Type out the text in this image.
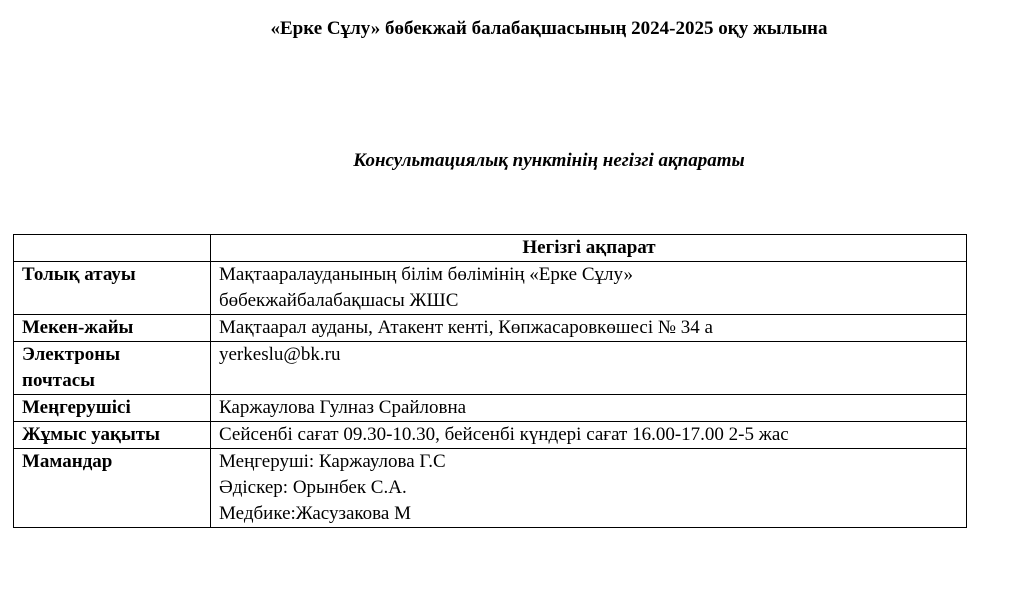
«Ерке Сұлу» бөбекжай балабақшасының 2024-2025 оқу жылына
Консультациялық пунктінің негізгі ақпараты
	Негізгі ақпарат

Толық атауы	Мақтааралауданының білім бөлімінің «Ерке Сұлу»
бөбекжайбалабақшасы ЖШС

Мекен-жайы	Мақтаарал ауданы, Атакент кенті, Көпжасаровкөшесі № 34 а

Электроны
почтасы	yerkeslu@bk.ru

Меңгерушісі	Каржаулова Гулназ Срайловна

Жұмыс уақыты	Сейсенбі сағат 09.30-10.30, бейсенбі күндері сағат 16.00-17.00 2-5 жас

Мамандар	Меңгеруші: Каржаулова Г.С
Әдіскер: Орынбек С.А.
Медбике:Жасузакова М
